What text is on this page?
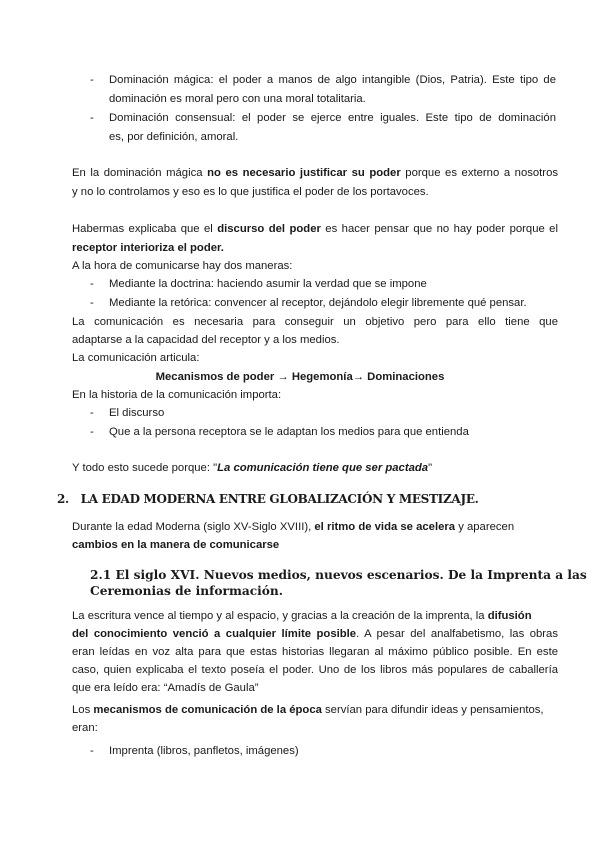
- Dominación mágica: el poder a manos de algo intangible (Dios, Patria). Este tipo de
dominación es moral pero con una moral totalitaria.
- Dominación consensual: el poder se ejerce entre iguales. Este tipo de dominación
es, por definición, amoral.
En la dominación mágica no es necesario justificar su poder porque es externo a nosotros
y no lo controlamos y eso es lo que justifica el poder de los portavoces.
Habermas explicaba que el discurso del poder es hacer pensar que no hay poder porque el
receptor interioriza el poder.
A la hora de comunicarse hay dos maneras:
- Mediante la doctrina: haciendo asumir la verdad que se impone
- Mediante la retórica: convencer al receptor, dejándolo elegir libremente qué pensar.
La comunicación es necesaria para conseguir un objetivo pero para ello tiene que
adaptarse a la capacidad del receptor y a los medios.
La comunicación articula:
Mecanismos de poder → Hegemonía→ Dominaciones
En la historia de la comunicación importa:
- El discurso
- Que a la persona receptora se le adaptan los medios para que entienda
Y todo esto sucede porque: "La comunicación tiene que ser pactada"
2. LA EDAD MODERNA ENTRE GLOBALIZACIÓN Y MESTIZAJE.
Durante la edad Moderna (siglo XV-Siglo XVIII), el ritmo de vida se acelera y aparecen
cambios en la manera de comunicarse
2.1 El siglo XVI. Nuevos medios, nuevos escenarios. De la Imprenta a las
Ceremonias de información.
La escritura vence al tiempo y al espacio, y gracias a la creación de la imprenta, la difusión
del conocimiento venció a cualquier límite posible. A pesar del analfabetismo, las obras
eran leídas en voz alta para que estas historias llegaran al máximo público posible. En este
caso, quien explicaba el texto poseía el poder. Uno de los libros más populares de caballería
que era leído era: “Amadís de Gaula”
Los mecanismos de comunicación de la época servían para difundir ideas y pensamientos,
eran:
- Imprenta (libros, panfletos, imágenes)
